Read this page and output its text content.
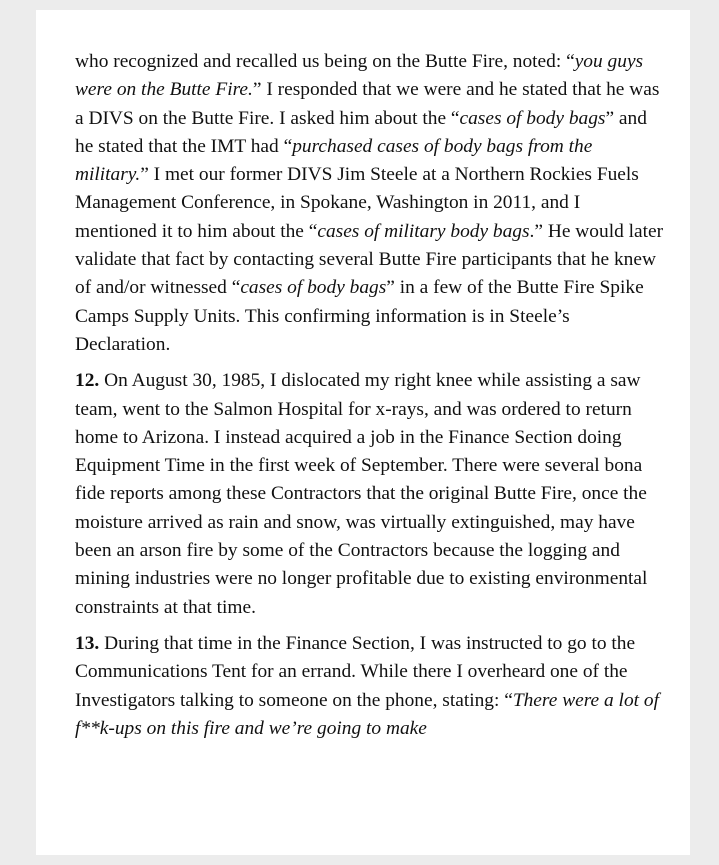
who recognized and recalled us being on the Butte Fire, noted: “you guys were on the Butte Fire.” I responded that we were and he stated that he was a DIVS on the Butte Fire. I asked him about the “cases of body bags” and he stated that the IMT had “purchased cases of body bags from the military.” I met our former DIVS Jim Steele at a Northern Rockies Fuels Management Conference, in Spokane, Washington in 2011, and I mentioned it to him about the “cases of military body bags.” He would later validate that fact by contacting several Butte Fire participants that he knew of and/or witnessed “cases of body bags” in a few of the Butte Fire Spike Camps Supply Units. This confirming information is in Steele’s Declaration.

12. On August 30, 1985, I dislocated my right knee while assisting a saw team, went to the Salmon Hospital for x-rays, and was ordered to return home to Arizona. I instead acquired a job in the Finance Section doing Equipment Time in the first week of September. There were several bona fide reports among these Contractors that the original Butte Fire, once the moisture arrived as rain and snow, was virtually extinguished, may have been an arson fire by some of the Contractors because the logging and mining industries were no longer profitable due to existing environmental constraints at that time.

13. During that time in the Finance Section, I was instructed to go to the Communications Tent for an errand. While there I overheard one of the Investigators talking to someone on the phone, stating: “There were a lot of f**k-ups on this fire and we’re going to make
